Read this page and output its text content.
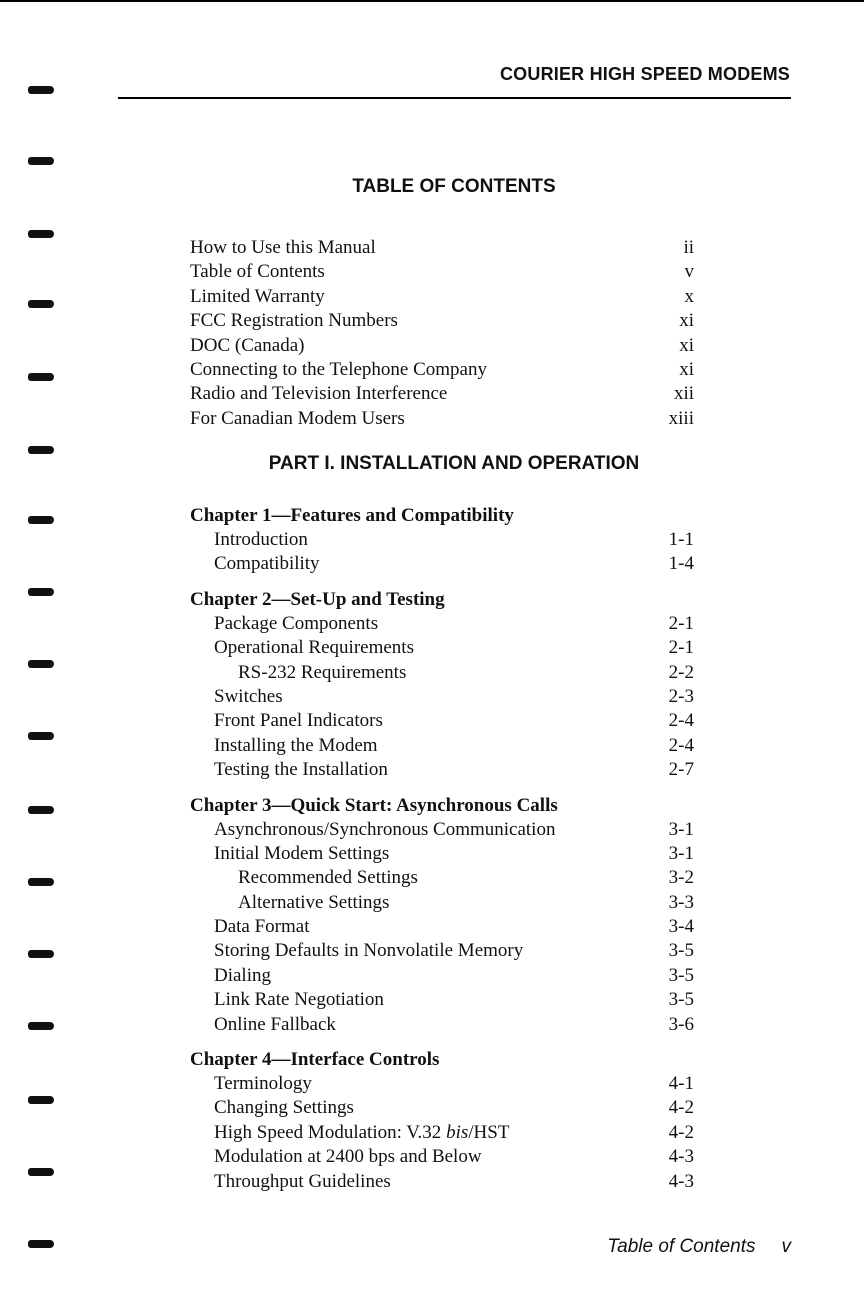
COURIER HIGH SPEED MODEMS
TABLE OF CONTENTS
How to Use this Manual	ii
Table of Contents	v
Limited Warranty	x
FCC Registration Numbers	xi
DOC (Canada)	xi
Connecting to the Telephone Company	xi
Radio and Television Interference	xii
For Canadian Modem Users	xiii
PART I. INSTALLATION AND OPERATION
Chapter 1—Features and Compatibility
Introduction	1-1
Compatibility	1-4
Chapter 2—Set-Up and Testing
Package Components	2-1
Operational Requirements	2-1
RS-232 Requirements	2-2
Switches	2-3
Front Panel Indicators	2-4
Installing the Modem	2-4
Testing the Installation	2-7
Chapter 3—Quick Start: Asynchronous Calls
Asynchronous/Synchronous Communication	3-1
Initial Modem Settings	3-1
Recommended Settings	3-2
Alternative Settings	3-3
Data Format	3-4
Storing Defaults in Nonvolatile Memory	3-5
Dialing	3-5
Link Rate Negotiation	3-5
Online Fallback	3-6
Chapter 4—Interface Controls
Terminology	4-1
Changing Settings	4-2
High Speed Modulation: V.32 bis/HST	4-2
Modulation at 2400 bps and Below	4-3
Throughput Guidelines	4-3
Table of Contents v
